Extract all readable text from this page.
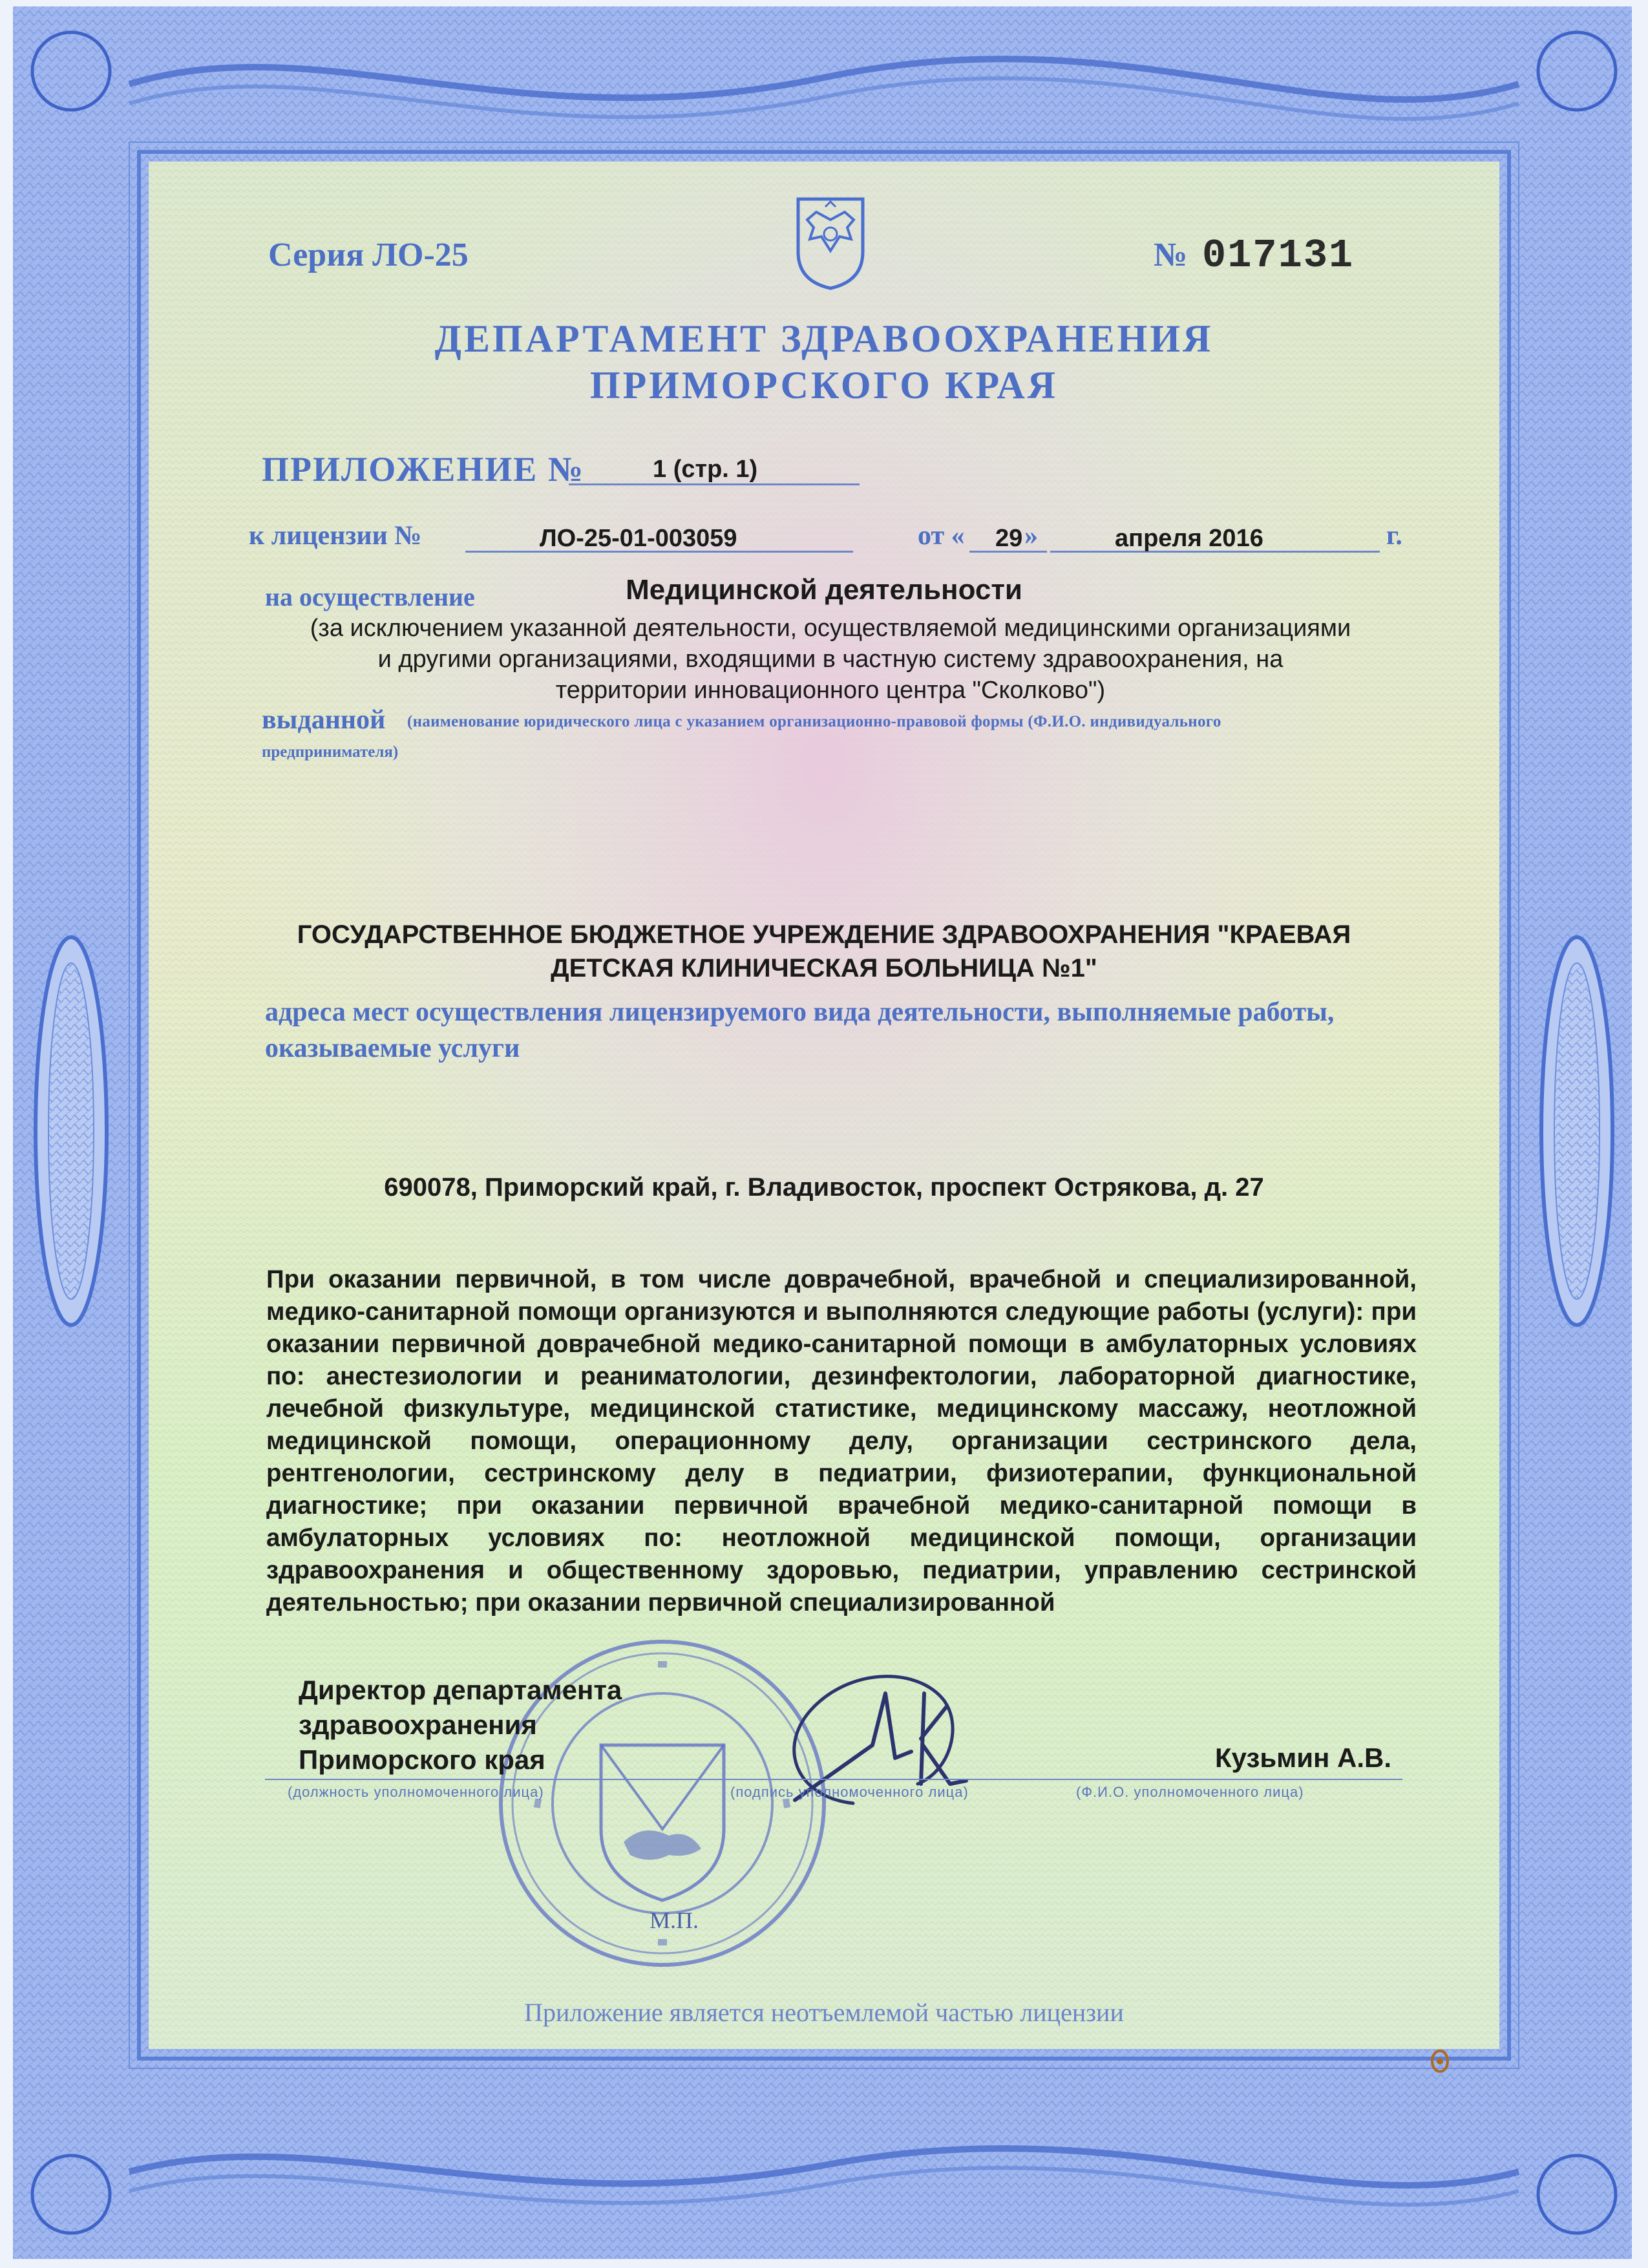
Серия ЛО-25	№ 017131
ДЕПАРТАМЕНТ ЗДРАВООХРАНЕНИЯ
ПРИМОРСКОГО КРАЯ
ПРИЛОЖЕНИЕ №	1 (стр. 1)
к лицензии №	ЛО-25-01-003059	от « 29 »	апреля 2016	г.
на осуществление	Медицинской деятельности
(за исключением указанной деятельности, осуществляемой медицинскими организациями
и другими организациями, входящими в частную систему здравоохранения, на
территории инновационного центра "Сколково")
выданной (наименование юридического лица с указанием организационно-правовой формы (Ф.И.О. индивидуального
предпринимателя)
ГОСУДАРСТВЕННОЕ БЮДЖЕТНОЕ УЧРЕЖДЕНИЕ ЗДРАВООХРАНЕНИЯ "КРАЕВАЯ
ДЕТСКАЯ КЛИНИЧЕСКАЯ БОЛЬНИЦА №1"
адреса мест осуществления лицензируемого вида деятельности, выполняемые работы,
оказываемые услуги
690078, Приморский край, г. Владивосток, проспект Острякова, д. 27
При оказании первичной, в том числе доврачебной, врачебной и специализированной, медико-санитарной помощи организуются и выполняются следующие работы (услуги): при оказании первичной доврачебной медико-санитарной помощи в амбулаторных условиях по: анестезиологии и реаниматологии, дезинфектологии, лабораторной диагностике, лечебной физкультуре, медицинской статистике, медицинскому массажу, неотложной медицинской помощи, операционному делу, организации сестринского дела, рентгенологии, сестринскому делу в педиатрии, физиотерапии, функциональной диагностике; при оказании первичной врачебной медико-санитарной помощи в амбулаторных условиях по: неотложной медицинской помощи, организации здравоохранения и общественному здоровью, педиатрии, управлению сестринской деятельностью; при оказании первичной специализированной
Директор департамента
здравоохранения
Приморского края	Кузьмин А.В.
(должность уполномоченного лица)	(подпись уполномоченного лица)	(Ф.И.О. уполномоченного лица)
М.П.
Приложение является неотъемлемой частью лицензии
